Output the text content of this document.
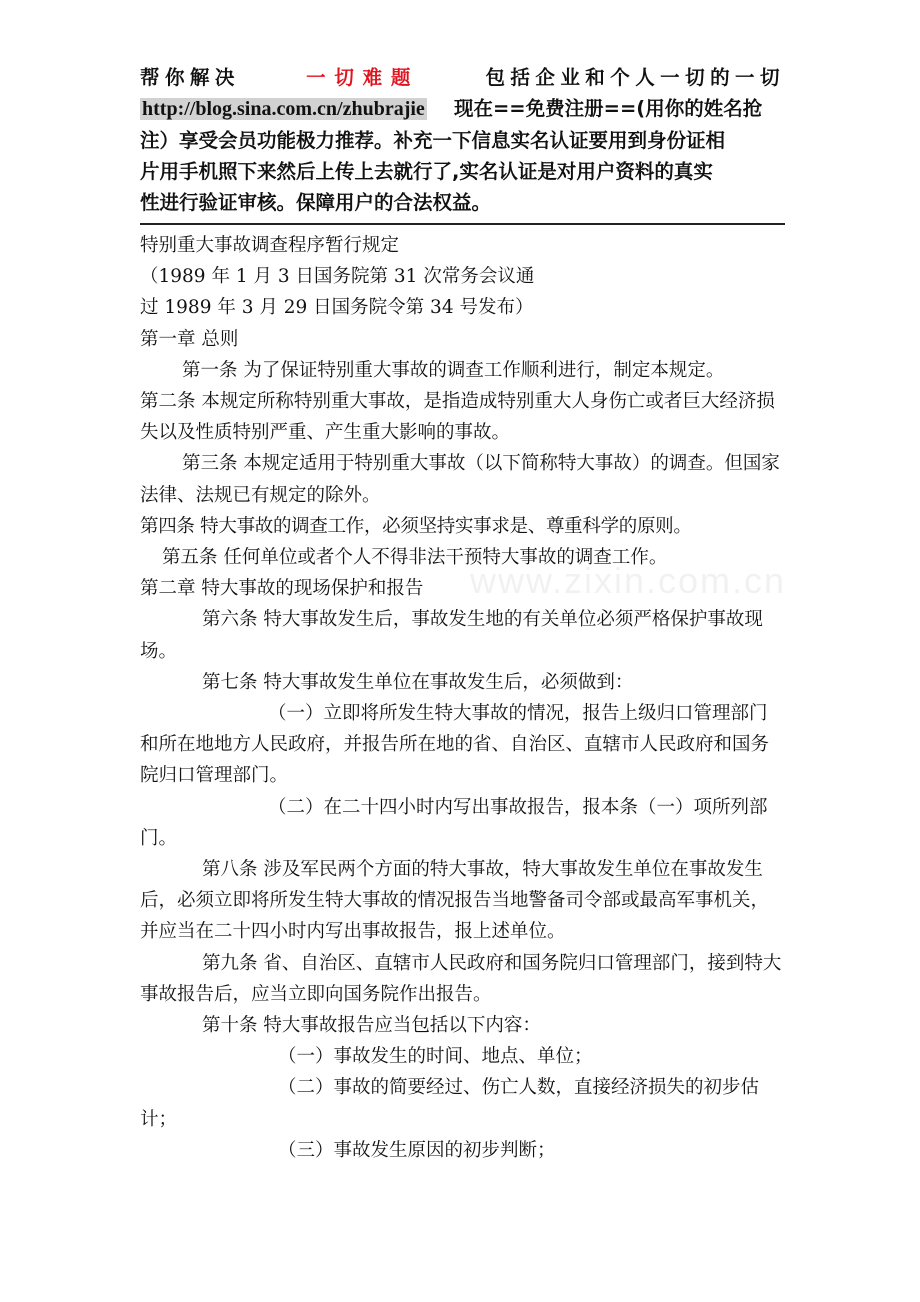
帮你解决	一切难题	包括企业和个人一切的一切
http://blog.sina.com.cn/zhubrajie 现在==免费注册==(用你的姓名抢
注）享受会员功能极力推荐。补充一下信息实名认证要用到身份证相
片用手机照下来然后上传上去就行了,实名认证是对用户资料的真实
性进行验证审核。保障用户的合法权益。
www.zixin.com.cn

特别重大事故调查程序暂行规定

（1989 年 1 月 3 日国务院第 31 次常务会议通

过 1989 年 3 月 29 日国务院令第 34 号发布）

第一章 总则

第一条 为了保证特别重大事故的调查工作顺利进行，制定本规定。

第二条 本规定所称特别重大事故，是指造成特别重大人身伤亡或者巨大经济损失以及性质特别严重、产生重大影响的事故。

第三条 本规定适用于特别重大事故（以下简称特大事故）的调查。但国家法律、法规已有规定的除外。

第四条 特大事故的调查工作，必须坚持实事求是、尊重科学的原则。

第五条 任何单位或者个人不得非法干预特大事故的调查工作。

第二章 特大事故的现场保护和报告

第六条 特大事故发生后，事故发生地的有关单位必须严格保护事故现场。

第七条 特大事故发生单位在事故发生后，必须做到：

（一）立即将所发生特大事故的情况，报告上级归口管理部门和所在地地方人民政府，并报告所在地的省、自治区、直辖市人民政府和国务院归口管理部门。

（二）在二十四小时内写出事故报告，报本条（一）项所列部门。

第八条 涉及军民两个方面的特大事故，特大事故发生单位在事故发生后，必须立即将所发生特大事故的情况报告当地警备司令部或最高军事机关，并应当在二十四小时内写出事故报告，报上述单位。

第九条 省、自治区、直辖市人民政府和国务院归口管理部门，接到特大事故报告后，应当立即向国务院作出报告。

第十条 特大事故报告应当包括以下内容：

（一）事故发生的时间、地点、单位；

（二）事故的简要经过、伤亡人数，直接经济损失的初步估计；

（三）事故发生原因的初步判断；
